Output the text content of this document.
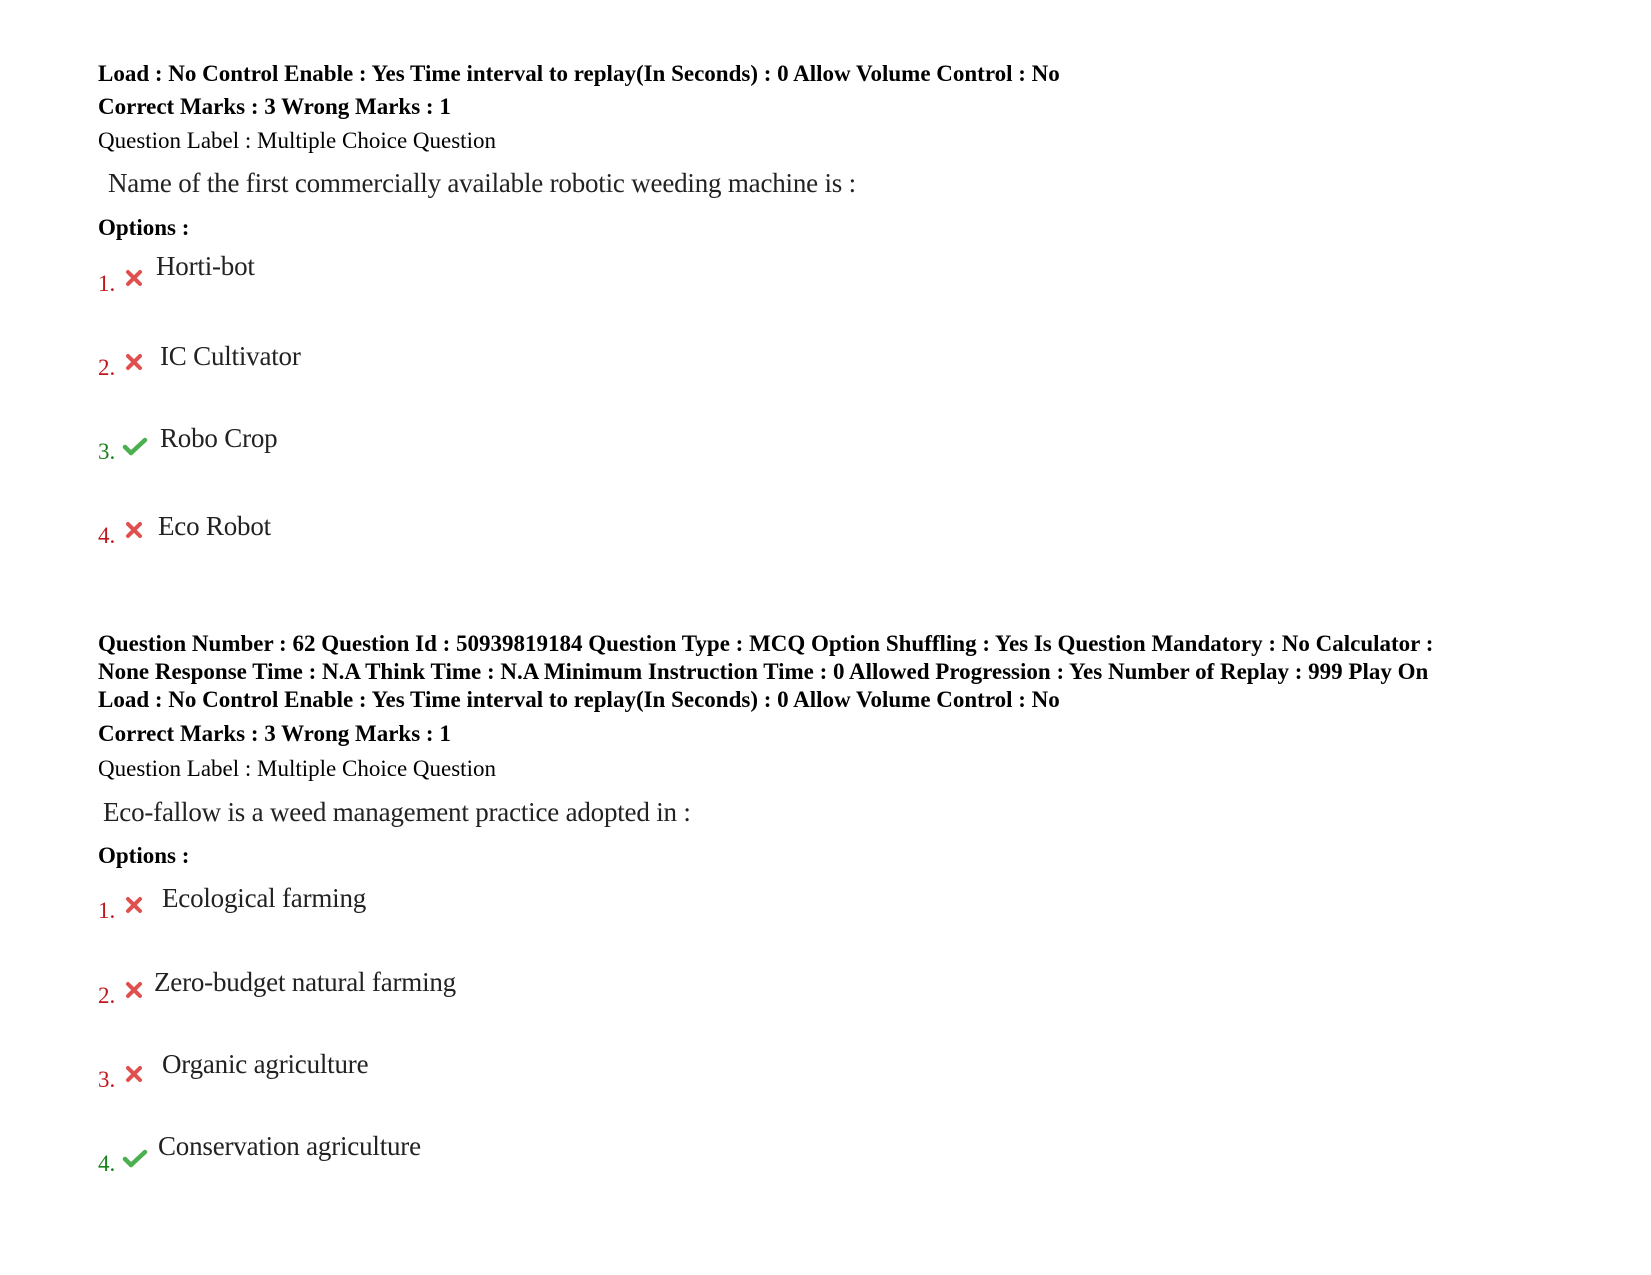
Load : No Control Enable : Yes Time interval to replay(In Seconds) : 0 Allow Volume Control : No
Correct Marks : 3 Wrong Marks : 1
Question Label : Multiple Choice Question
Name of the first commercially available robotic weeding machine is :
Options :
1.
Horti-bot
2. IC Cultivator
3. Robo Crop
4. Eco Robot
Question Number : 62 Question Id : 50939819184 Question Type : MCQ Option Shuffling : Yes Is Question Mandatory : No Calculator :
None Response Time : N.A Think Time : N.A Minimum Instruction Time : 0 Allowed Progression : Yes Number of Replay : 999 Play On
Load : No Control Enable : Yes Time interval to replay(In Seconds) : 0 Allow Volume Control : No
Correct Marks : 3 Wrong Marks : 1
Question Label : Multiple Choice Question
Eco-fallow is a weed management practice adopted in :
Options :
1. Ecological farming
2. Zero-budget natural farming
3.
Organic agriculture
4.
Conservation agriculture
